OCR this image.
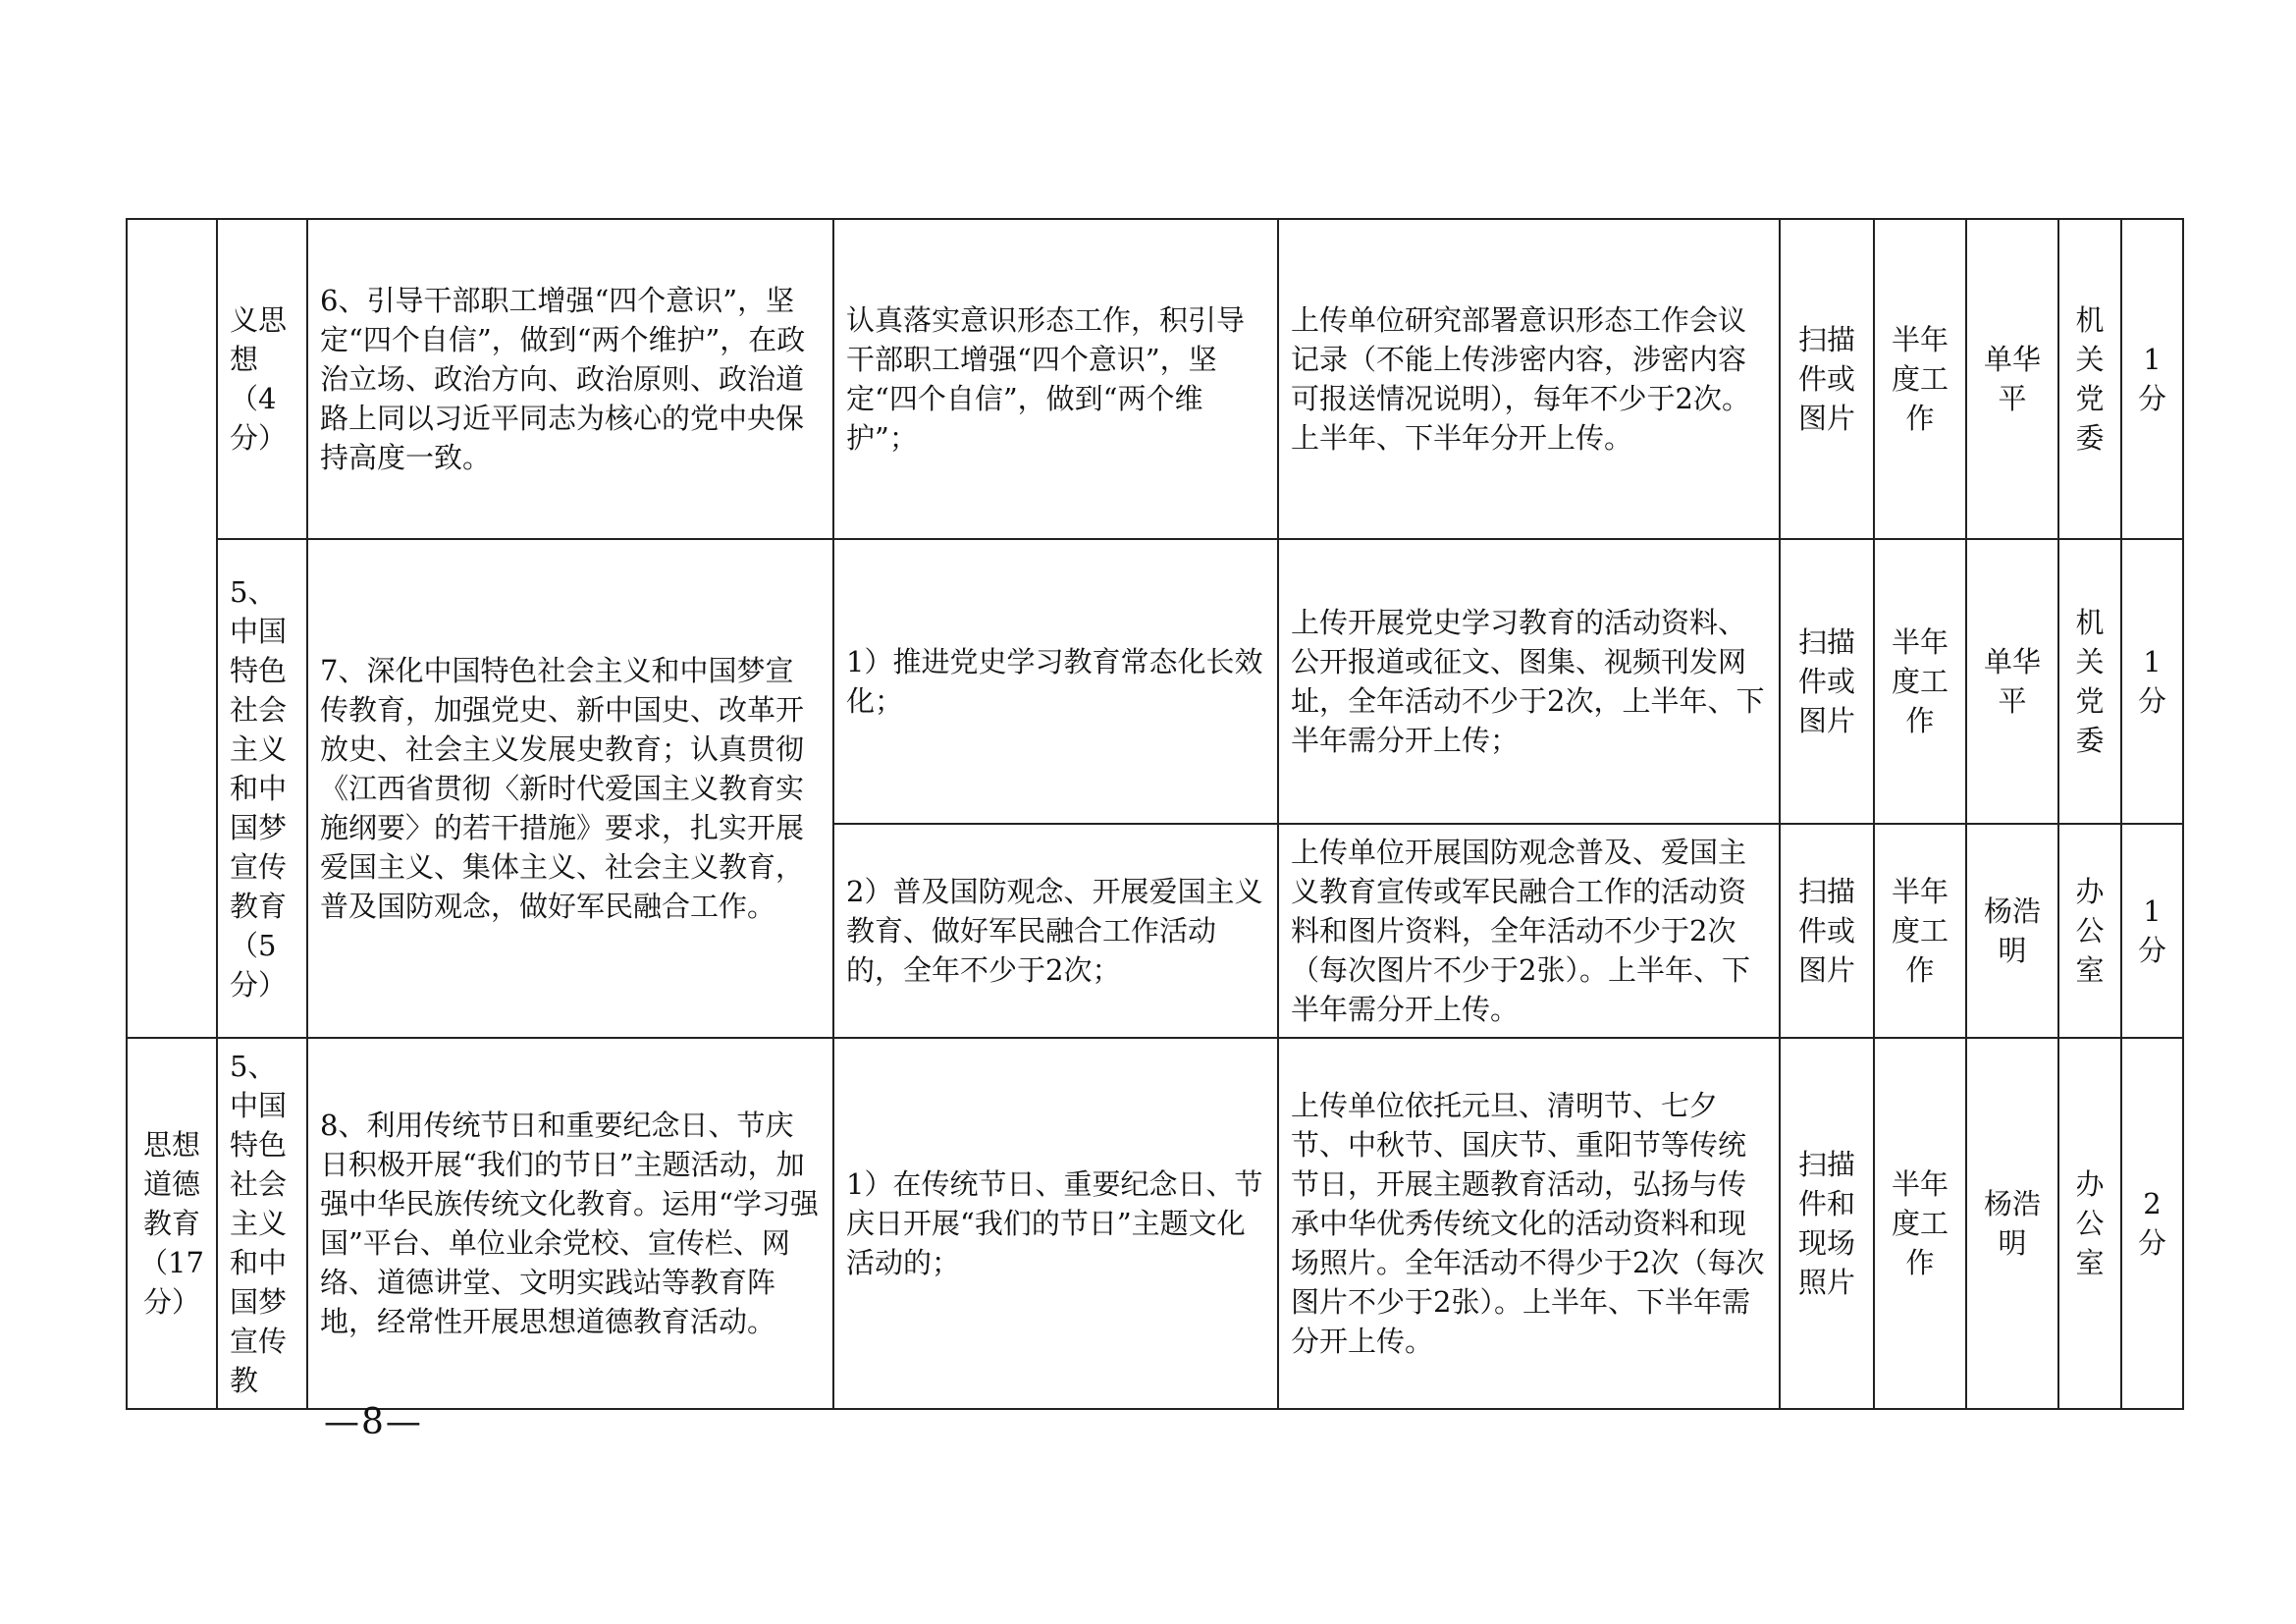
	义思想（4分）	6、引导干部职工增强“四个意识”，坚定“四个自信”，做到“两个维护”，在政治立场、政治方向、政治原则、政治道路上同以习近平同志为核心的党中央保持高度一致。	认真落实意识形态工作，积引导干部职工增强“四个意识”，坚定“四个自信”，做到“两个维护”；	上传单位研究部署意识形态工作会议记录（不能上传涉密内容，涉密内容可报送情况说明），每年不少于2次。上半年、下半年分开上传。	扫描件或图片	半年度工作	单华平	机关党委	1分
	5、中国特色社会主义和中国梦宣传教育（5分）	7、深化中国特色社会主义和中国梦宣传教育，加强党史、新中国史、改革开放史、社会主义发展史教育；认真贯彻《江西省贯彻〈新时代爱国主义教育实施纲要〉的若干措施》要求，扎实开展爱国主义、集体主义、社会主义教育，普及国防观念，做好军民融合工作。	1）推进党史学习教育常态化长效化；	上传开展党史学习教育的活动资料、公开报道或征文、图集、视频刊发网址，全年活动不少于2次，上半年、下半年需分开上传；	扫描件或图片	半年度工作	单华平	机关党委	1分
			2）普及国防观念、开展爱国主义教育、做好军民融合工作活动的，全年不少于2次；	上传单位开展国防观念普及、爱国主义教育宣传或军民融合工作的活动资料和图片资料，全年活动不少于2次（每次图片不少于2张）。上半年、下半年需分开上传。	扫描件或图片	半年度工作	杨浩明	办公室	1分
思想道德教育（17分）	5、中国特色社会主义和中国梦宣传教	8、利用传统节日和重要纪念日、节庆日积极开展“我们的节日”主题活动，加强中华民族传统文化教育。运用“学习强国”平台、单位业余党校、宣传栏、网络、道德讲堂、文明实践站等教育阵地，经常性开展思想道德教育活动。	1）在传统节日、重要纪念日、节庆日开展“我们的节日”主题文化活动的；	上传单位依托元旦、清明节、七夕节、中秋节、国庆节、重阳节等传统节日，开展主题教育活动，弘扬与传承中华优秀传统文化的活动资料和现场照片。全年活动不得少于2次（每次图片不少于2张）。上半年、下半年需分开上传。	扫描件和现场照片	半年度工作	杨浩明	办公室	2分
—8—
